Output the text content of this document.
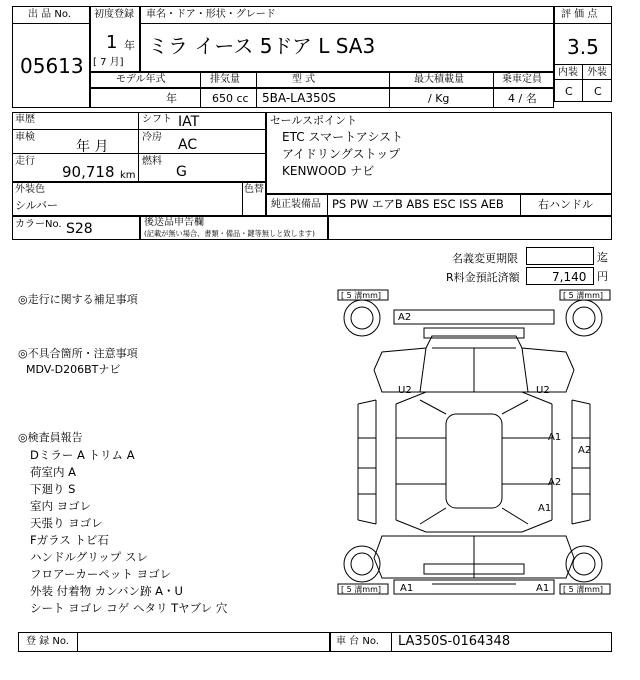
出 品 No.
05613
初度登録
1 年
[ 7 月]
車名・ドア・形状・グレード
ミラ イース 5ドア L SA3
モデル年式	排気量	型 式	最大積載量	乗車定員
年	650 cc 5BA-LA350S	/ Kg	4 / 名
評 価 点
3.5
内装 外装
C C
車歴
車検
年 月
走行
90,718 km
シフト IAT
冷房 AC
燃料
G
外装色
シルバー
色替
カラーNo. S28	後送品申告欄
(記載が無い場合、書類・備品・鍵等無しと致します)
セールスポイント
ETC スマートアシスト
アイドリングストップ
KENWOOD ナビ
純正装備品 PS PW エアB ABS ESC ISS AEB	右ハンドル
名義変更期限	迄
R料金預託済額	7,140 円
◎走行に関する補足事項
◎不具合箇所・注意事項
MDV-D206BTナビ
◎検査員報告
Dミラー A トリム A
荷室内 A
下廻り S
室内 ヨゴレ
天張り ヨゴレ
Fガラス トビ石
ハンドルグリップ スレ
フロアーカーペット ヨゴレ
外装 付着物 カンバン跡 A・U
シート ヨゴレ コゲ ヘタリ Tヤブレ 穴
[ 5 溝mm]	[ 5 溝mm]
[ 5 溝mm]	[ 5 溝mm]
A2
U2	U2
A1
A2
A2
A1
A1	A1
登 録 No.	車 台 No. LA350S-0164348
